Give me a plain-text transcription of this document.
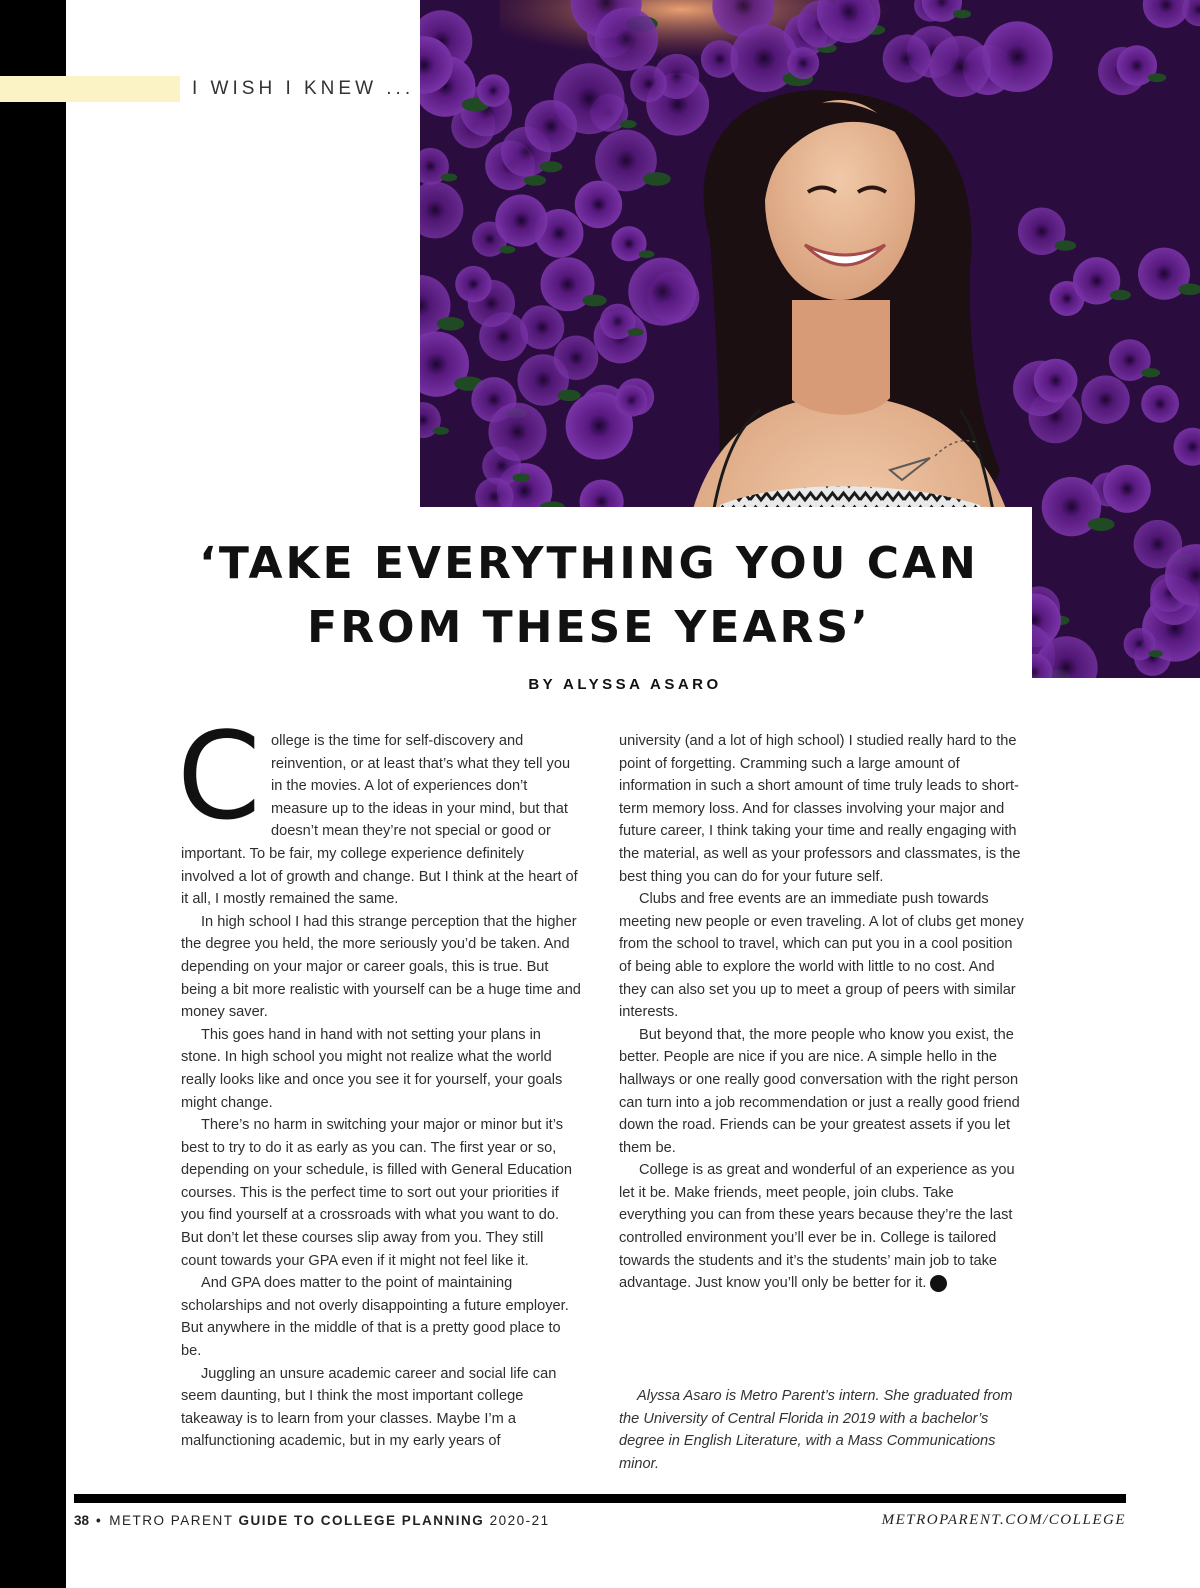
I WISH I KNEW ...
‘TAKE EVERYTHING YOU CAN FROM THESE YEARS’
BY ALYSSA ASARO

College is the time for self-discovery and reinvention, or at least that’s what they tell you in the movies. A lot of experiences don’t measure up to the ideas in your mind, but that doesn’t mean they’re not special or good or important. To be fair, my college experience definitely involved a lot of growth and change. But I think at the heart of it all, I mostly remained the same.

In high school I had this strange perception that the higher the degree you held, the more seriously you’d be taken. And depending on your major or career goals, this is true. But being a bit more realistic with yourself can be a huge time and money saver.

This goes hand in hand with not setting your plans in stone. In high school you might not realize what the world really looks like and once you see it for yourself, your goals might change.

There’s no harm in switching your major or minor but it’s best to try to do it as early as you can. The first year or so, depending on your schedule, is filled with General Education courses. This is the perfect time to sort out your priorities if you find yourself at a crossroads with what you want to do. But don’t let these courses slip away from you. They still count towards your GPA even if it might not feel like it.

And GPA does matter to the point of maintaining scholarships and not overly disappointing a future employer. But anywhere in the middle of that is a pretty good place to be.

Juggling an unsure academic career and social life can seem daunting, but I think the most important college takeaway is to learn from your classes. Maybe I’m a malfunctioning academic, but in my early years of

university (and a lot of high school) I studied really hard to the point of forgetting. Cramming such a large amount of information in such a short amount of time truly leads to short-term memory loss. And for classes involving your major and future career, I think taking your time and really engaging with the material, as well as your professors and classmates, is the best thing you can do for your future self.

Clubs and free events are an immediate push towards meeting new people or even traveling. A lot of clubs get money from the school to travel, which can put you in a cool position of being able to explore the world with little to no cost. And they can also set you up to meet a group of peers with similar interests.

But beyond that, the more people who know you exist, the better. People are nice if you are nice. A simple hello in the hallways or one really good conversation with the right person can turn into a job recommendation or just a really good friend down the road. Friends can be your greatest assets if you let them be.

College is as great and wonderful of an experience as you let it be. Make friends, meet people, join clubs. Take everything you can from these years because they’re the last controlled environment you’ll ever be in. College is tailored towards the students and it’s the students’ main job to take advantage. Just know you’ll only be better for it. C

Alyssa Asaro is Metro Parent’s intern. She graduated from the University of Central Florida in 2019 with a bachelor’s degree in English Literature, with a Mass Communications minor.

38 • METRO PARENT GUIDE TO COLLEGE PLANNING 2020-21	METROPARENT.COM/COLLEGE
